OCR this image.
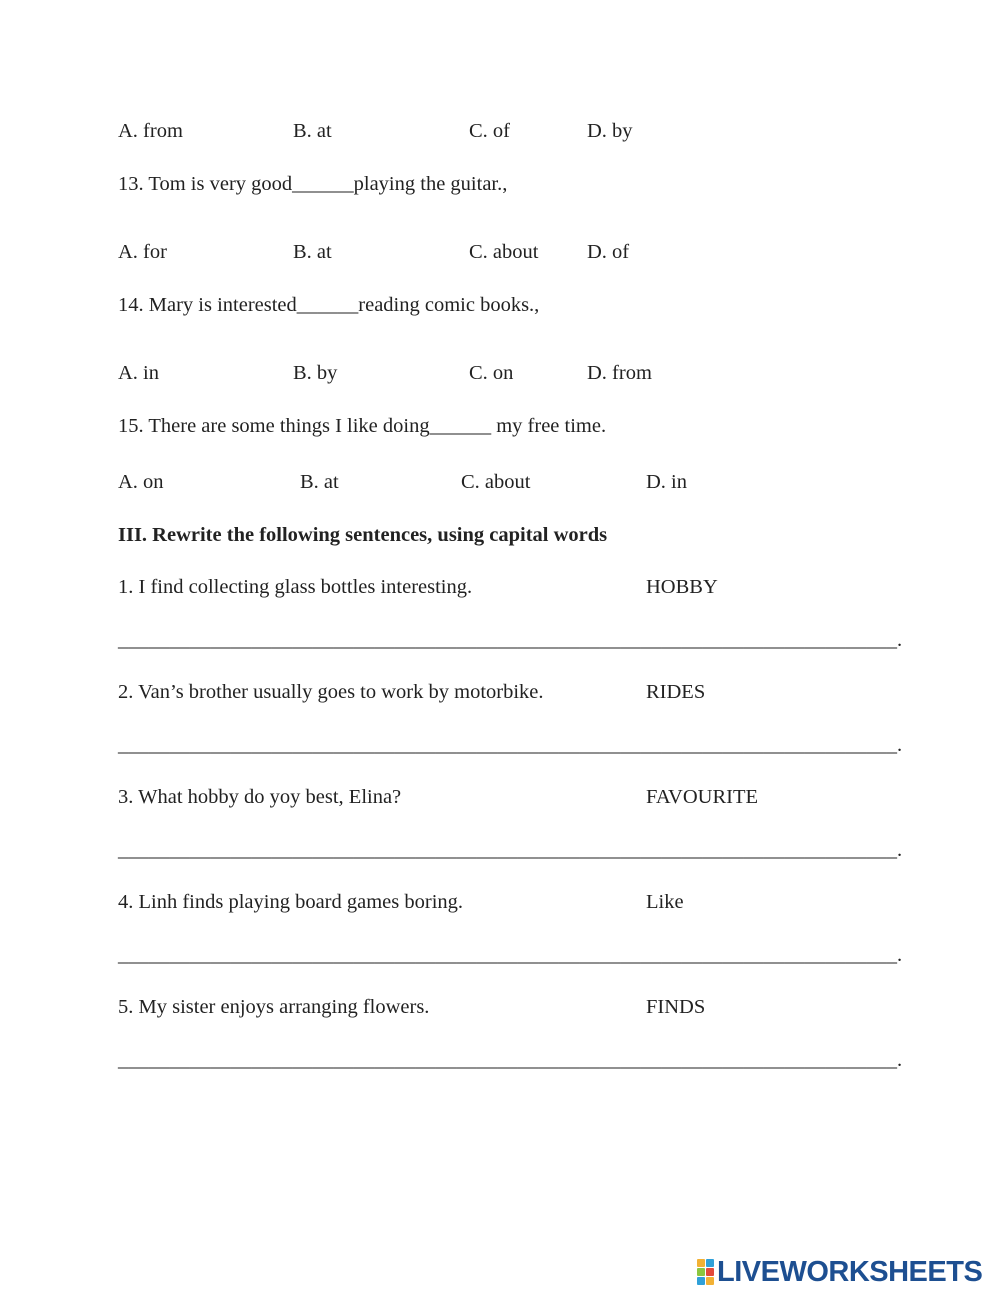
A. from	B. at	C. of	D. by
13. Tom is very good______playing the guitar.,
A. for	B. at	C. about D. of
14. Mary is interested______reading comic books.,
A. in	B. by	C. on	D. from
15. There are some things I like doing______ my free time.
A. on	B. at	C. about	D. in
III. Rewrite the following sentences, using capital words
1. I find collecting glass bottles interesting.	HOBBY
____________________________________________________________________________.
2. Van’s brother usually goes to work by motorbike.	RIDES
____________________________________________________________________________.
3. What hobby do yoy best, Elina?	FAVOURITE
____________________________________________________________________________.
4. Linh finds playing board games boring.	Like
____________________________________________________________________________.
5. My sister enjoys arranging flowers.	FINDS
____________________________________________________________________________.
LIVEWORKSHEETS
